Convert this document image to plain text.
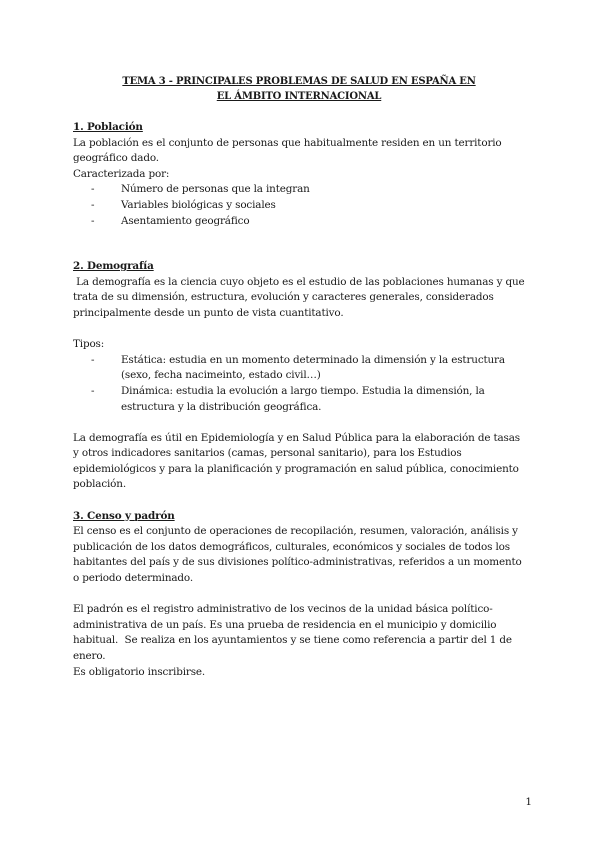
TEMA 3 - PRINCIPALES PROBLEMAS DE SALUD EN ESPAÑA EN
EL ÁMBITO INTERNACIONAL

1. Población

La población es el conjunto de personas que habitualmente residen en un territorio geográfico dado.

Caracterizada por:

-	Número de personas que la integran
-	Variables biológicas y sociales
-	Asentamiento geográfico

2. Demografía

La demografía es la ciencia cuyo objeto es el estudio de las poblaciones humanas y que trata de su dimensión, estructura, evolución y caracteres generales, considerados principalmente desde un punto de vista cuantitativo.

Tipos:

-	Estática: estudia en un momento determinado la dimensión y la estructura (sexo, fecha nacimeinto, estado civil…)
-	Dinámica: estudia la evolución a largo tiempo. Estudia la dimensión, la estructura y la distribución geográfica.

La demografía es útil en Epidemiología y en Salud Pública para la elaboración de tasas y otros indicadores sanitarios (camas, personal sanitario), para los Estudios epidemiológicos y para la planificación y programación en salud pública, conocimiento población.

3. Censo y padrón

El censo es el conjunto de operaciones de recopilación, resumen, valoración, análisis y publicación de los datos demográficos, culturales, económicos y sociales de todos los habitantes del país y de sus divisiones político-administrativas, referidos a un momento o periodo determinado.

El padrón es el registro administrativo de los vecinos de la unidad básica político-administrativa de un país. Es una prueba de residencia en el municipio y domicilio habitual.  Se realiza en los ayuntamientos y se tiene como referencia a partir del 1 de enero.

Es obligatorio inscribirse.

1
